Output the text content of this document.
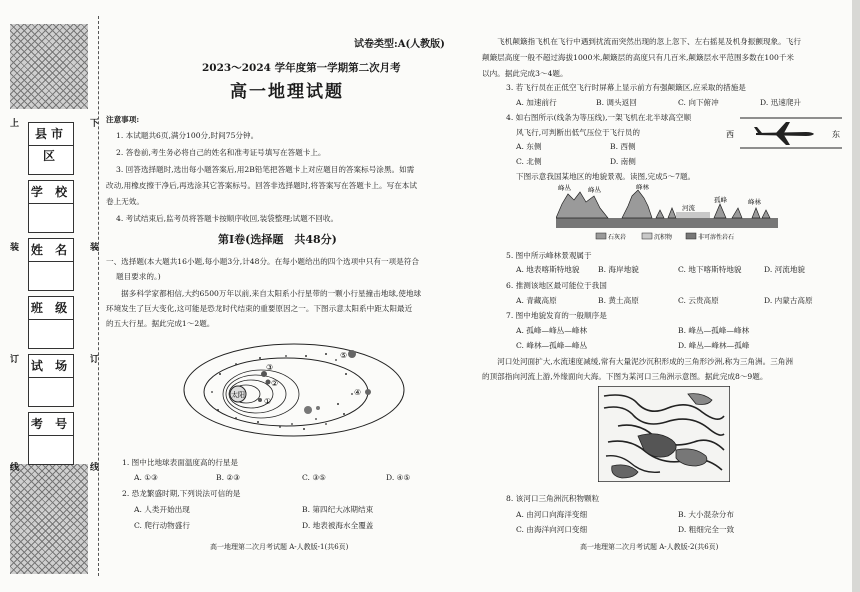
上	下
装	装
订	订
线	线
县市区
学 校
姓 名
班 级
试 场
考 号
试卷类型:A(人教版)
2023～2024 学年度第一学期第二次月考
高一地理试题
注意事项:
1. 本试题共6页,满分100分,时间75分钟。
2. 答卷前,考生务必将自己的姓名和准考证号填写在答题卡上。
3. 回答选择题时,选出每小题答案后,用2B铅笔把答题卡上对应题目的答案标号涂黑。如需
改动,用橡皮擦干净后,再选涂其它答案标号。回答非选择题时,将答案写在答题卡上。写在本试
卷上无效。
4. 考试结束后,监考员将答题卡按顺序收回,装袋整理;试题不回收。
第Ⅰ卷(选择题　共48分)
一、选择题(本大题共16小题,每小题3分,计48分。在每小题给出的四个选项中只有一项是符合
题目要求的。)
　　据多科学家都相信,大约6500万年以前,来自太阳系小行星带的一颗小行星撞击地球,使地球
环境发生了巨大变化,这可能是恐龙时代结束的重要原因之一。下图示意太阳系中距太阳最近
的五大行星。据此完成1～2题。
太阳
①
②
③
④
⑤
1. 图中比地球表面温度高的行星是
A. ①③	B. ②③	C. ③⑤	D. ④⑤
2. 恐龙繁盛时期,下列说法可信的是
A. 人类开始出现	B. 第四纪大冰期结束
C. 爬行动物盛行	D. 地表被海水全覆盖
高一地理第二次月考试题 A-人教版-1(共6页)
　　飞机颠簸指飞机在飞行中遇到扰流而突然出现的忽上忽下、左右摇晃及机身振颤现象。飞行
颠簸层高度一般不超过海拔1000米,颠簸层的高度只有几百米,颠簸层水平范围多数在100千米
以内。据此完成3～4题。
3. 若飞行员在正低空飞行时屏幕上显示前方有强颠簸区,应采取的措施是
A. 加速前行	B. 调头返回	C. 向下俯冲	D. 迅速爬升
4. 如右图所示(线条为等压线),一架飞机在北半球高空顺
风飞行,可判断出低气压位于飞行员的
A. 东侧	B. 西侧
C. 北侧	D. 南侧
西	东
下图示意我国某地区的地貌景观。读图,完成5～7题。
峰丛	峰丛	峰林
河流
孤峰	峰林
石灰岩	沉积物	非可溶性岩石
5. 图中所示峰林景观属于
A. 地表喀斯特地貌 B. 海岸地貌	C. 地下喀斯特地貌	D. 河流地貌
6. 推测该地区最可能位于我国
A. 青藏高原	B. 黄土高原	C. 云贵高原	D. 内蒙古高原
7. 图中地貌发育的一般顺序是
A. 孤峰—峰丛—峰林	B. 峰丛—孤峰—峰林
C. 峰林—孤峰—峰丛	D. 峰丛—峰林—孤峰
　　河口处河面扩大,水流速度减缓,常有大量泥沙沉积形成的三角形沙洲,称为三角洲。三角洲
的顶部指向河流上游,外缘面向大海。下图为某河口三角洲示意图。据此完成8～9题。
8. 该河口三角洲沉积物颗粒
A. 由河口向海洋变细	B. 大小混杂分布
C. 由海洋向河口变细	D. 粗细完全一致
高一地理第二次月考试题 A-人教版-2(共6页)
